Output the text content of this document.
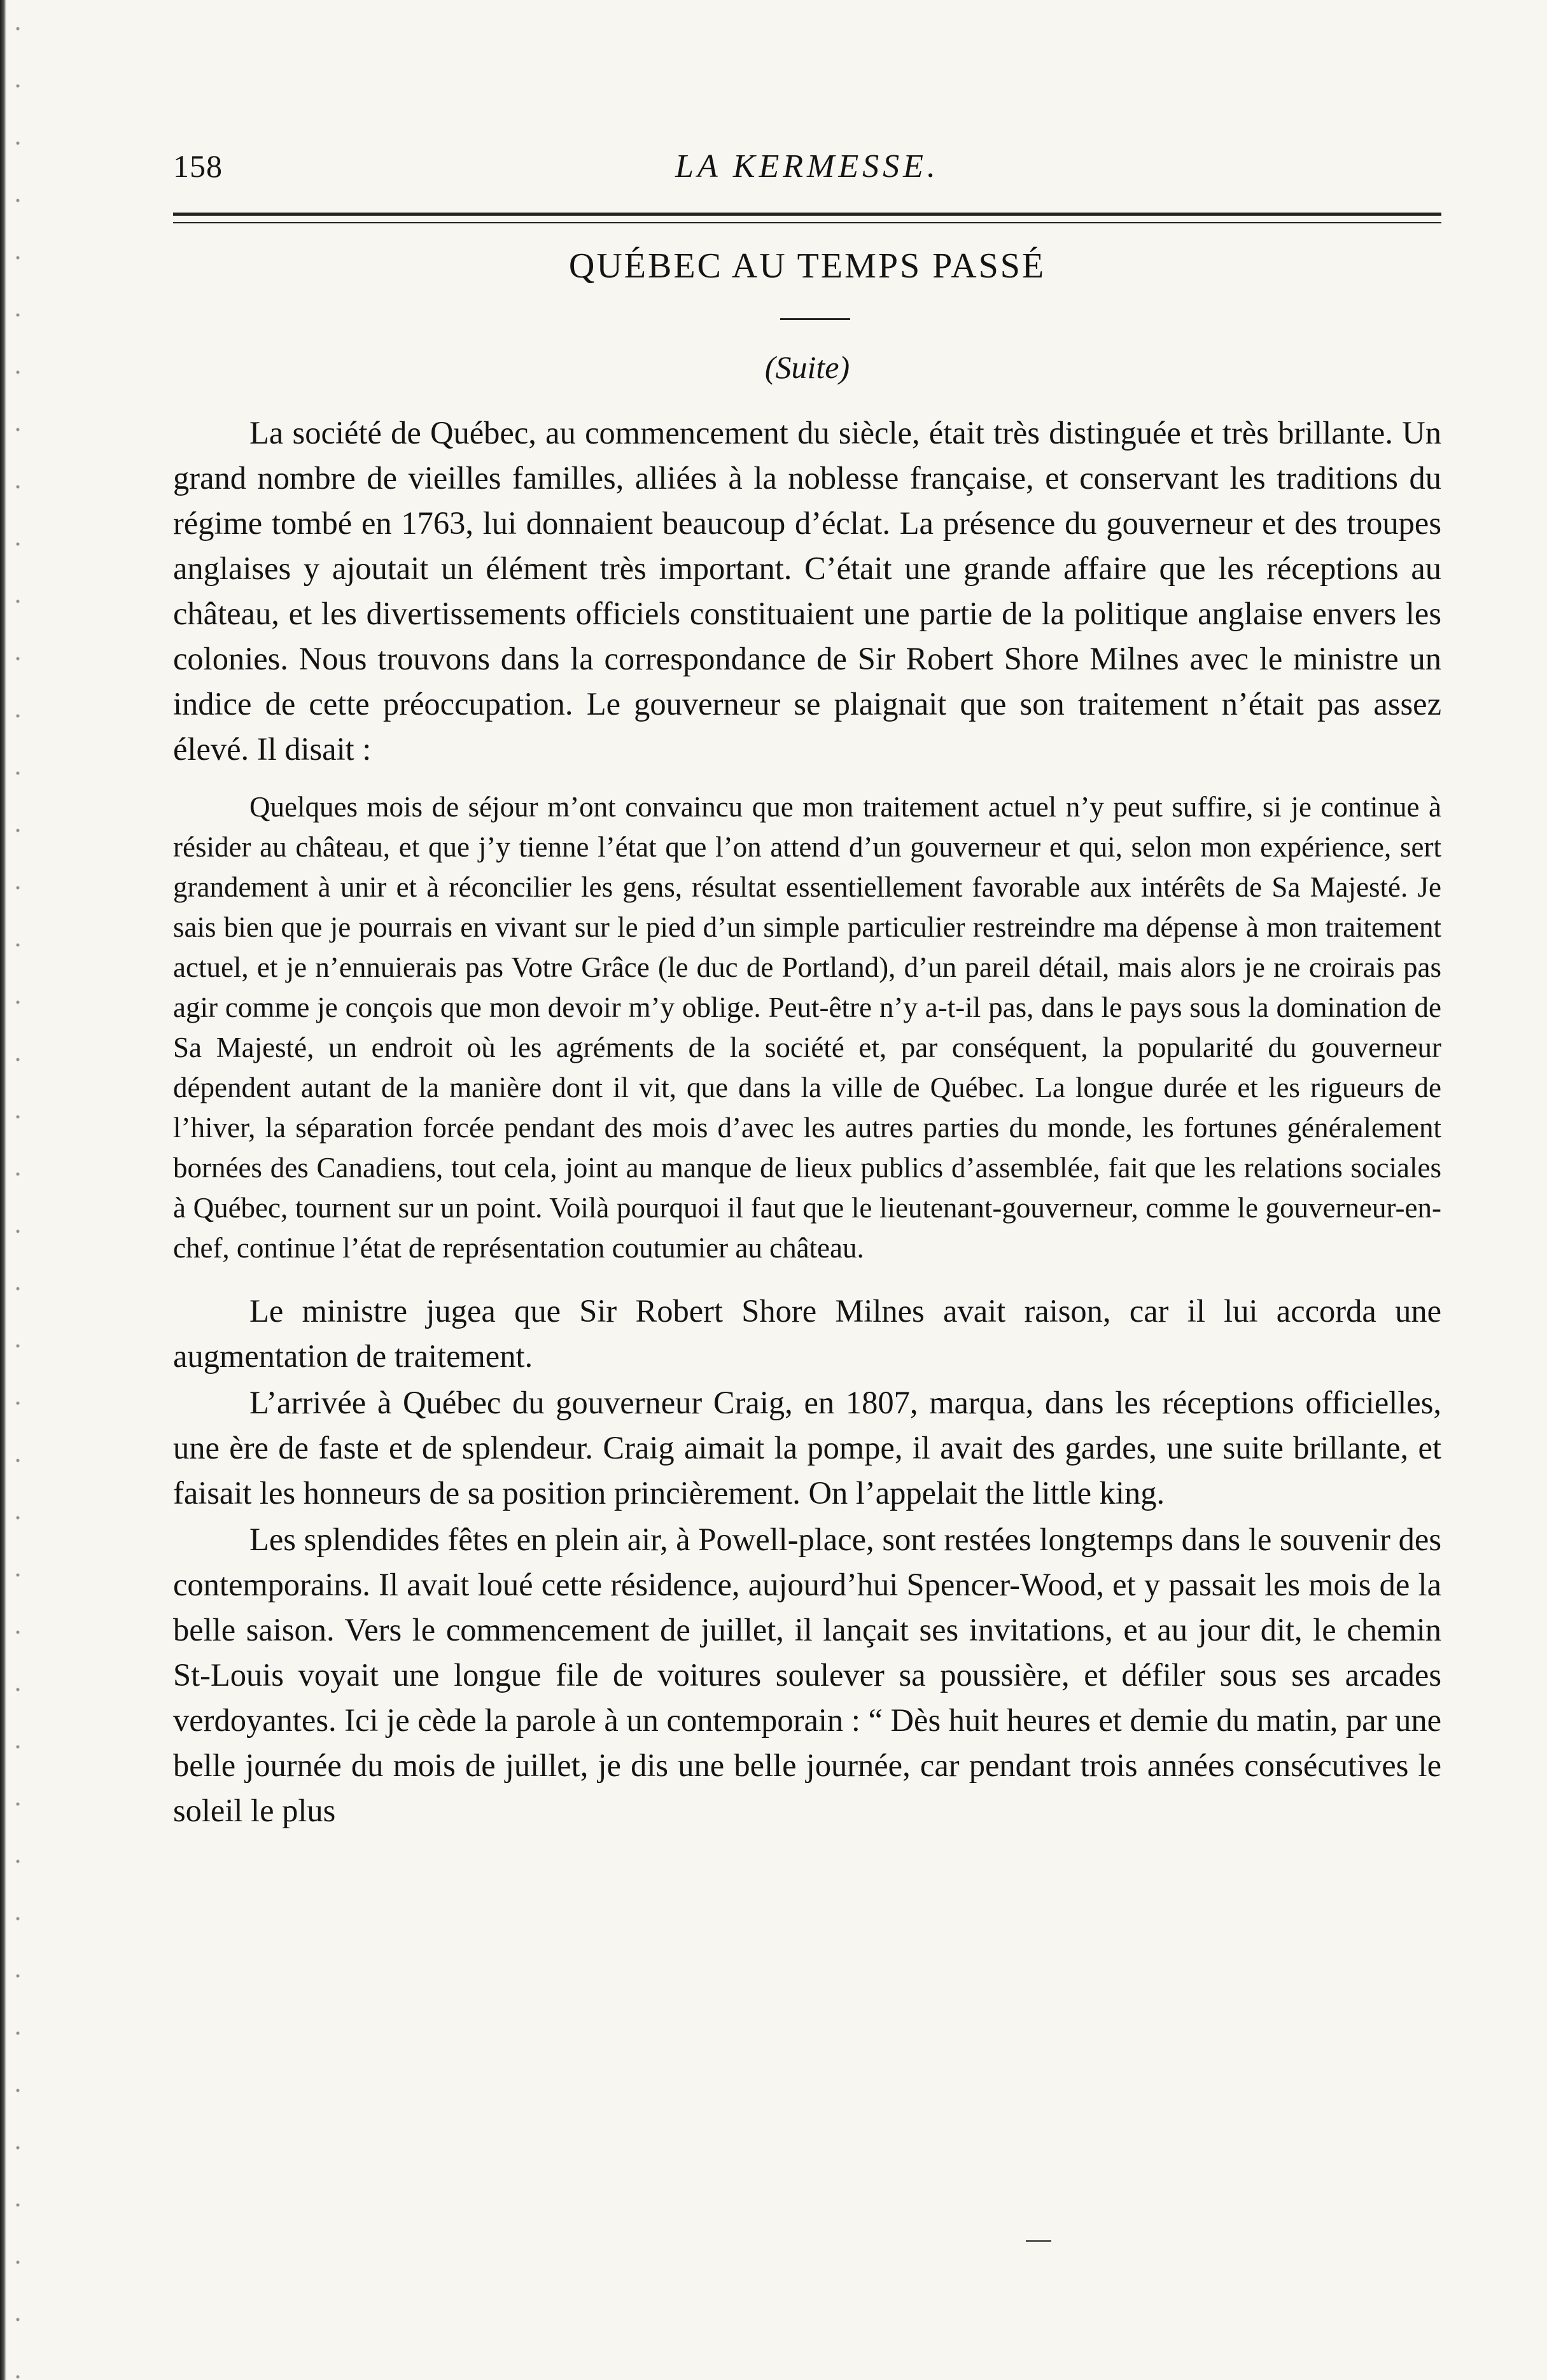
158	LA KERMESSE.
QUÉBEC AU TEMPS PASSÉ
(Suite)

La société de Québec, au commencement du siècle, était très distinguée et très brillante. Un grand nombre de vieilles familles, alliées à la noblesse française, et conservant les traditions du régime tombé en 1763, lui donnaient beaucoup d’éclat. La présence du gouverneur et des troupes anglaises y ajoutait un élément très important. C’était une grande affaire que les réceptions au château, et les divertissements officiels constituaient une partie de la politique anglaise envers les colonies. Nous trouvons dans la correspondance de Sir Robert Shore Milnes avec le ministre un indice de cette préoccupation. Le gouverneur se plaignait que son traitement n’était pas assez élevé. Il disait :

Quelques mois de séjour m’ont convaincu que mon traitement actuel n’y peut suffire, si je continue à résider au château, et que j’y tienne l’état que l’on attend d’un gouverneur et qui, selon mon expérience, sert grandement à unir et à réconcilier les gens, résultat essentiellement favorable aux intérêts de Sa Majesté. Je sais bien que je pourrais en vivant sur le pied d’un simple particulier restreindre ma dépense à mon traitement actuel, et je n’ennuierais pas Votre Grâce (le duc de Portland), d’un pareil détail, mais alors je ne croirais pas agir comme je conçois que mon devoir m’y oblige. Peut-être n’y a-t-il pas, dans le pays sous la domination de Sa Majesté, un endroit où les agréments de la société et, par conséquent, la popularité du gouverneur dépendent autant de la manière dont il vit, que dans la ville de Québec. La longue durée et les rigueurs de l’hiver, la séparation forcée pendant des mois d’avec les autres parties du monde, les fortunes généralement bornées des Canadiens, tout cela, joint au manque de lieux publics d’assemblée, fait que les relations sociales à Québec, tournent sur un point. Voilà pourquoi il faut que le lieutenant-gouverneur, comme le gouverneur-en-chef, continue l’état de représentation coutumier au château.

Le ministre jugea que Sir Robert Shore Milnes avait raison, car il lui accorda une augmentation de traitement.

L’arrivée à Québec du gouverneur Craig, en 1807, marqua, dans les réceptions officielles, une ère de faste et de splendeur. Craig aimait la pompe, il avait des gardes, une suite brillante, et faisait les honneurs de sa position princièrement. On l’appelait the little king.

Les splendides fêtes en plein air, à Powell-place, sont restées longtemps dans le souvenir des contemporains. Il avait loué cette résidence, aujourd’hui Spencer-Wood, et y passait les mois de la belle saison. Vers le commencement de juillet, il lançait ses invitations, et au jour dit, le chemin St-Louis voyait une longue file de voitures soulever sa poussière, et défiler sous ses arcades verdoyantes. Ici je cède la parole à un contemporain : “ Dès huit heures et demie du matin, par une belle journée du mois de juillet, je dis une belle journée, car pendant trois années consécutives le soleil le plus
